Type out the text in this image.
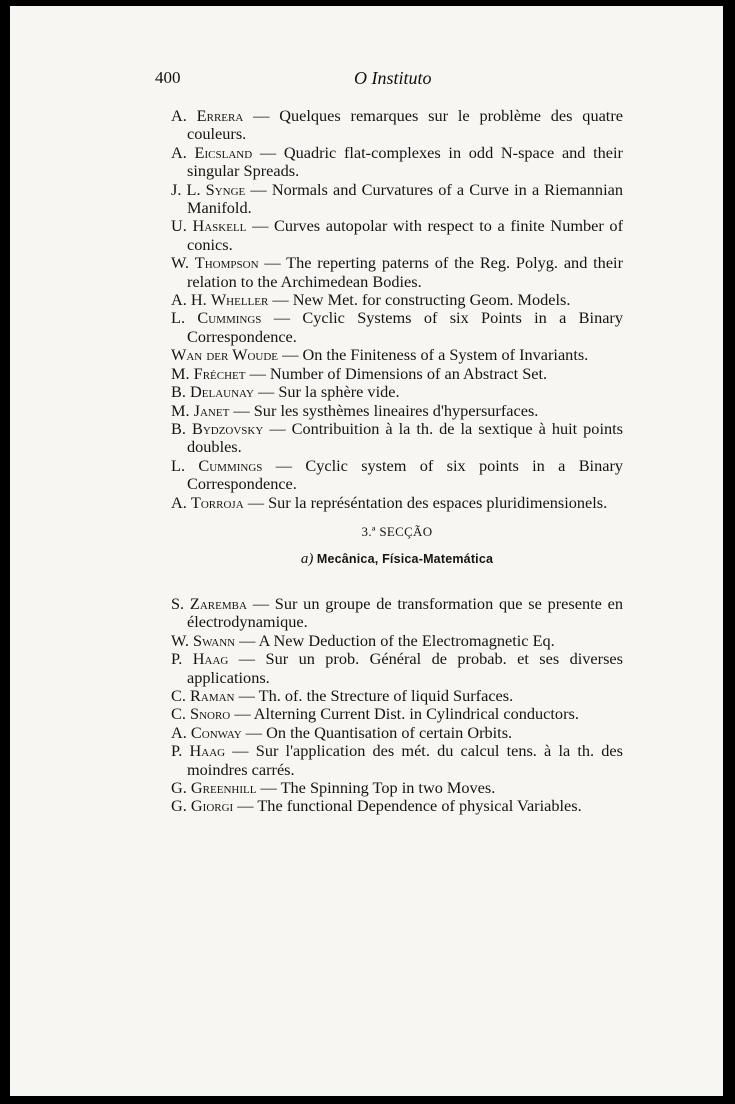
400	O Instituto

A. Errera — Quelques remarques sur le problème des quatre couleurs.

A. Eicsland — Quadric flat-complexes in odd N-space and their singular Spreads.

J. L. Synge — Normals and Curvatures of a Curve in a Riemannian Manifold.

U. Haskell — Curves autopolar with respect to a finite Number of conics.

W. Thompson — The reperting paterns of the Reg. Polyg. and their relation to the Archimedean Bodies.

A. H. Wheller — New Met. for constructing Geom. Models.

L. Cummings — Cyclic Systems of six Points in a Binary Correspondence.

Wan der Woude — On the Finiteness of a System of Invariants.

M. Fréchet — Number of Dimensions of an Abstract Set.

B. Delaunay — Sur la sphère vide.

M. Janet — Sur les systhèmes lineaires d'hypersurfaces.

B. Bydzovsky — Contribuition à la th. de la sextique à huit points doubles.

L. Cummings — Cyclic system of six points in a Binary Correspondence.

A. Torroja — Sur la représéntation des espaces pluridimensionels.

3.ª SECÇÃO
a) Mecânica, Física-Matemática

S. Zaremba — Sur un groupe de transformation que se presente en électrodynamique.

W. Swann — A New Deduction of the Electromagnetic Eq.

P. Haag — Sur un prob. Général de probab. et ses diverses applications.

C. Raman — Th. of. the Strecture of liquid Surfaces.

C. Snoro — Alterning Current Dist. in Cylindrical conductors.

A. Conway — On the Quantisation of certain Orbits.

P. Haag — Sur l'application des mét. du calcul tens. à la th. des moindres carrés.

G. Greenhill — The Spinning Top in two Moves.

G. Giorgi — The functional Dependence of physical Variables.
